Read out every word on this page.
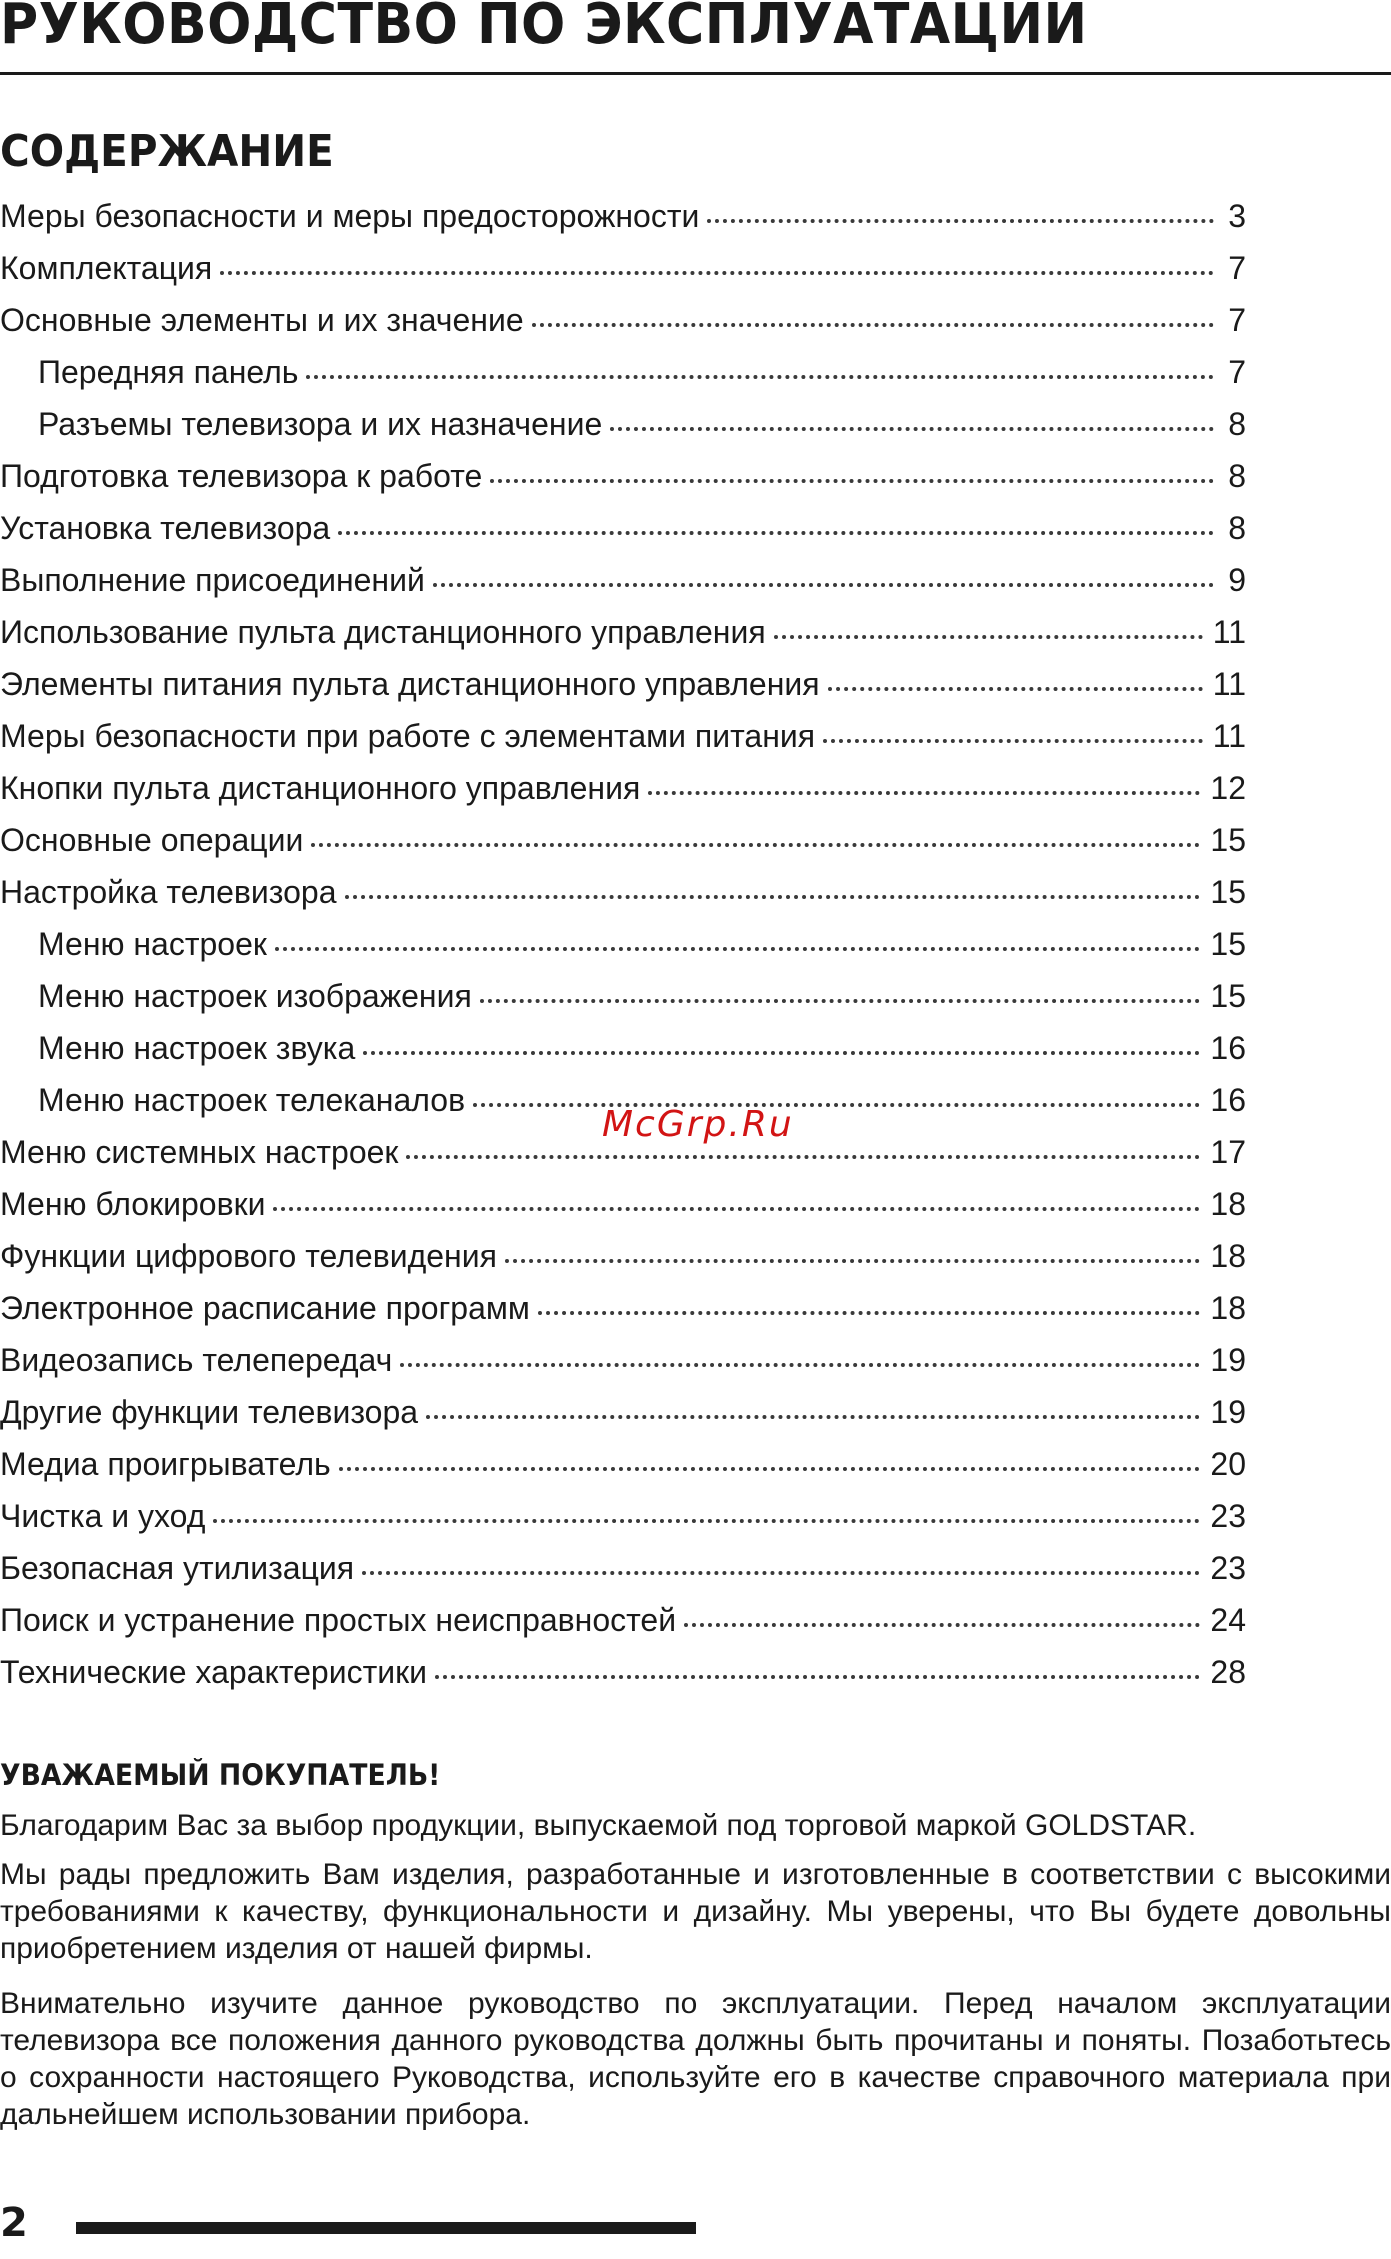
РУКОВОДСТВО ПО ЭКСПЛУАТАЦИИ
СОДЕРЖАНИЕ
Меры безопасности и меры предосторожности	3
Комплектация	7
Основные элементы и их значение	7
Передняя панель	7
Разъемы телевизора и их назначение	8
Подготовка телевизора к работе	8
Установка телевизора	8
Выполнение присоединений	9
Использование пульта дистанционного управления	11
Элементы питания пульта дистанционного управления	11
Меры безопасности при работе с элементами питания	11
Кнопки пульта дистанционного управления	12
Основные операции	15
Настройка телевизора	15
Меню настроек	15
Меню настроек изображения	15
Меню настроек звука	16
Меню настроек телеканалов	16
Меню системных настроек	17
Меню блокировки	18
Функции цифрового телевидения	18
Электронное расписание программ	18
Видеозапись телепередач	19
Другие функции телевизора	19
Медиа проигрыватель	20
Чистка и уход	23
Безопасная утилизация	23
Поиск и устранение простых неисправностей	24
Технические характеристики	28
McGrp.Ru
УВАЖАЕМЫЙ ПОКУПАТЕЛЬ!

Благодарим Вас за выбор продукции, выпускаемой под торговой маркой GOLDSTAR.

Мы рады предложить Вам изделия, разработанные и изготовленные в соответствии с высокими требованиями к качеству, функциональности и дизайну. Мы уверены, что Вы будете довольны приобретением изделия от нашей фирмы.

Внимательно изучите данное руководство по эксплуатации. Перед началом эксплуатации телевизора все положения данного руководства должны быть прочитаны и поняты. Позаботьтесь о сохранности настоящего Руководства, используйте его в качестве справочного материала при дальнейшем использовании прибора.

2
